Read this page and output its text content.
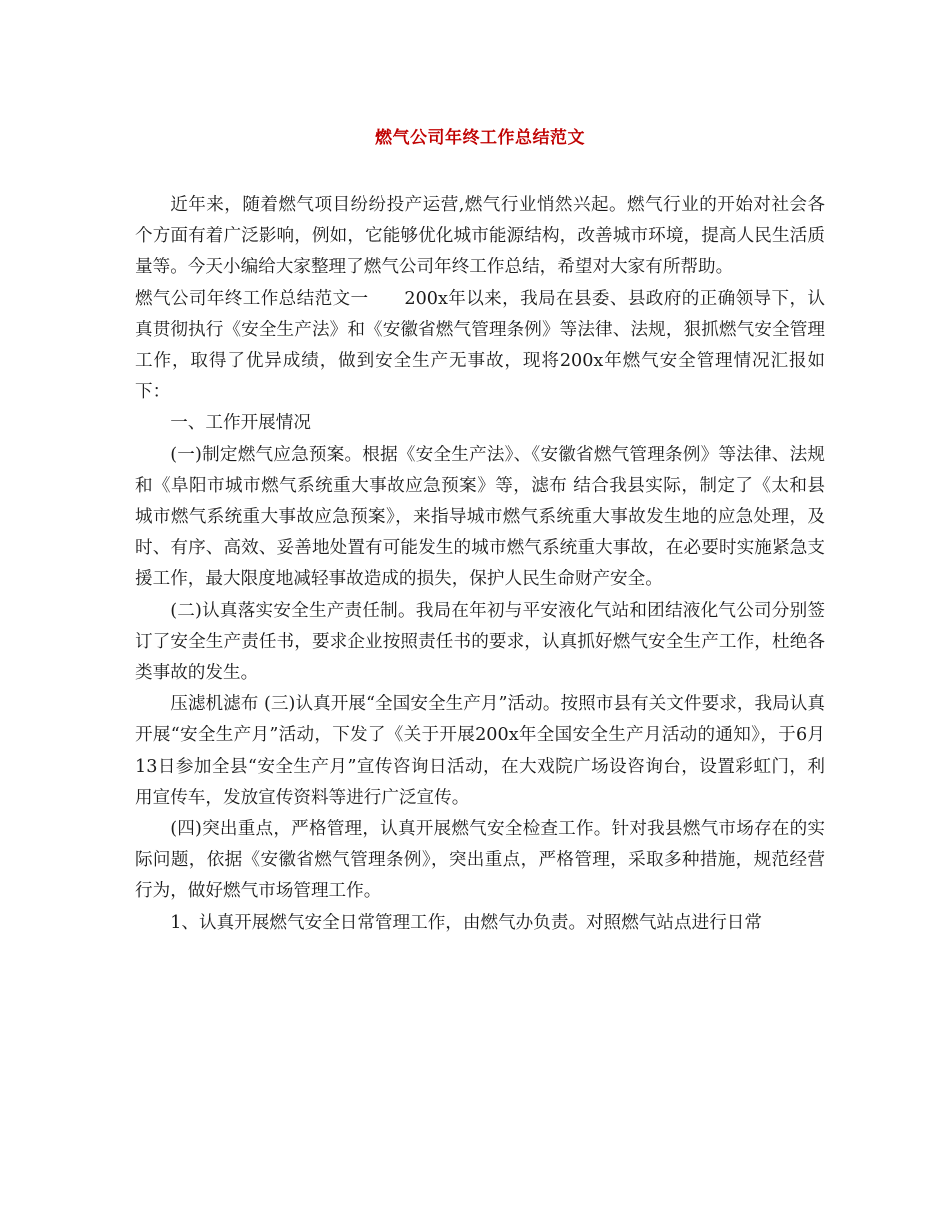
燃气公司年终工作总结范文

近年来，随着燃气项目纷纷投产运营,燃气行业悄然兴起。燃气行业的开始对社会各个方面有着广泛影响，例如，它能够优化城市能源结构，改善城市环境，提高人民生活质量等。今天小编给大家整理了燃气公司年终工作总结，希望对大家有所帮助。

燃气公司年终工作总结范文一　　200x年以来，我局在县委、县政府的正确领导下，认真贯彻执行《安全生产法》和《安徽省燃气管理条例》等法律、法规，狠抓燃气安全管理工作，取得了优异成绩，做到安全生产无事故，现将200x年燃气安全管理情况汇报如下：

一、工作开展情况

(一)制定燃气应急预案。根据《安全生产法》、《安徽省燃气管理条例》等法律、法规和《阜阳市城市燃气系统重大事故应急预案》等，滤布 结合我县实际，制定了《太和县城市燃气系统重大事故应急预案》，来指导城市燃气系统重大事故发生地的应急处理，及时、有序、高效、妥善地处置有可能发生的城市燃气系统重大事故，在必要时实施紧急支援工作，最大限度地减轻事故造成的损失，保护人民生命财产安全。

(二)认真落实安全生产责任制。我局在年初与平安液化气站和团结液化气公司分别签订了安全生产责任书，要求企业按照责任书的要求，认真抓好燃气安全生产工作，杜绝各类事故的发生。

压滤机滤布 (三)认真开展“全国安全生产月”活动。按照市县有关文件要求，我局认真开展“安全生产月”活动，下发了《关于开展200x年全国安全生产月活动的通知》，于6月13日参加全县“安全生产月”宣传咨询日活动，在大戏院广场设咨询台，设置彩虹门，利用宣传车，发放宣传资料等进行广泛宣传。

(四)突出重点，严格管理，认真开展燃气安全检查工作。针对我县燃气市场存在的实际问题，依据《安徽省燃气管理条例》，突出重点，严格管理，采取多种措施，规范经营行为，做好燃气市场管理工作。

1、认真开展燃气安全日常管理工作，由燃气办负责。对照燃气站点进行日常
